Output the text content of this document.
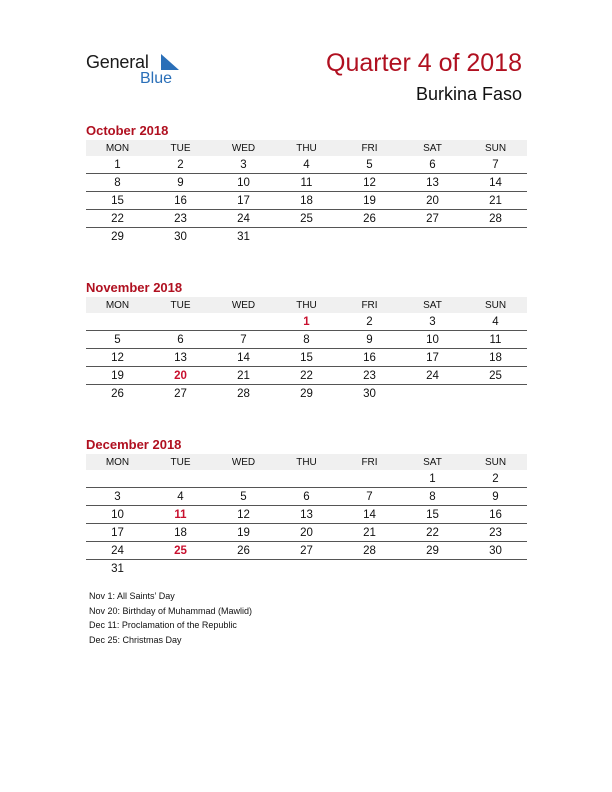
General
Blue
Quarter 4 of 2018
Burkina Faso
October 2018
MON	TUE	WED	THU	FRI	SAT	SUN
1	2	3	4	5	6	7
8	9	10	11	12	13	14
15	16	17	18	19	20	21
22	23	24	25	26	27	28
29	30	31				
November 2018
MON	TUE	WED	THU	FRI	SAT	SUN
			1	2	3	4
5	6	7	8	9	10	11
12	13	14	15	16	17	18
19	20	21	22	23	24	25
26	27	28	29	30		
December 2018
MON	TUE	WED	THU	FRI	SAT	SUN
					1	2
3	4	5	6	7	8	9
10	11	12	13	14	15	16
17	18	19	20	21	22	23
24	25	26	27	28	29	30
31						
Nov 1: All Saints’ Day
Nov 20: Birthday of Muhammad (Mawlid)
Dec 11: Proclamation of the Republic
Dec 25: Christmas Day
